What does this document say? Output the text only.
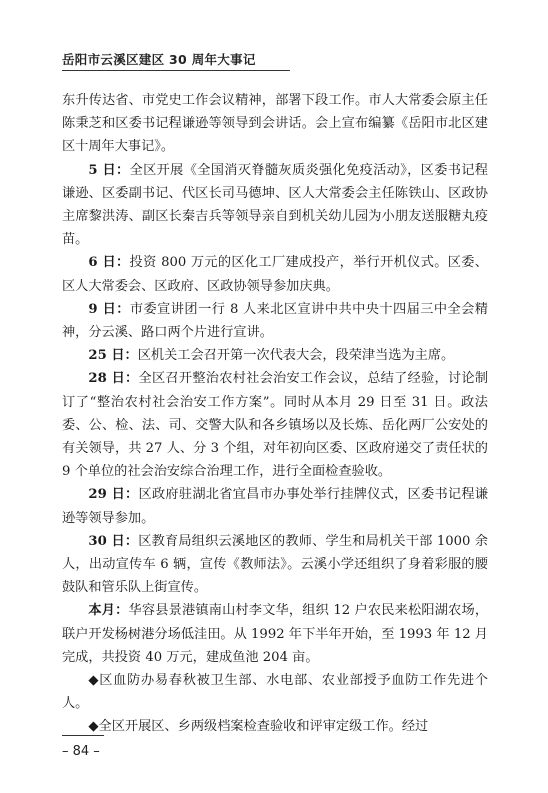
岳阳市云溪区建区 30 周年大事记

东升传达省、市党史工作会议精神，部署下段工作。市人大常委会原主任陈秉芝和区委书记程谦逊等领导到会讲话。会上宣布编纂《岳阳市北区建区十周年大事记》。

5 日：全区开展《全国消灭脊髓灰质炎强化免疫活动》，区委书记程谦逊、区委副书记、代区长司马德坤、区人大常委会主任陈铁山、区政协主席黎洪涛、副区长秦吉兵等领导亲自到机关幼儿园为小朋友送服糖丸疫苗。

6 日：投资 800 万元的区化工厂建成投产，举行开机仪式。区委、区人大常委会、区政府、区政协领导参加庆典。

9 日：市委宣讲团一行 8 人来北区宣讲中共中央十四届三中全会精神，分云溪、路口两个片进行宣讲。

25 日：区机关工会召开第一次代表大会，段荣津当选为主席。

28 日：全区召开整治农村社会治安工作会议，总结了经验，讨论制订了“整治农村社会治安工作方案”。同时从本月 29 日至 31 日。政法委、公、检、法、司、交警大队和各乡镇场以及长炼、岳化两厂公安处的有关领导，共 27 人、分 3 个组，对年初向区委、区政府递交了责任状的 9 个单位的社会治安综合治理工作，进行全面检查验收。

29 日：区政府驻湖北省宜昌市办事处举行挂牌仪式，区委书记程谦逊等领导参加。

30 日：区教育局组织云溪地区的教师、学生和局机关干部 1000 余人，出动宣传车 6 辆，宣传《教师法》。云溪小学还组织了身着彩服的腰鼓队和管乐队上街宣传。

本月：华容县景港镇南山村李文华，组织 12 户农民来松阳湖农场，联户开发杨树港分场低洼田。从 1992 年下半年开始，至 1993 年 12 月完成，共投资 40 万元，建成鱼池 204 亩。

◆区血防办易春秋被卫生部、水电部、农业部授予血防工作先进个人。

◆全区开展区、乡两级档案检查验收和评审定级工作。经过

– 84 –
